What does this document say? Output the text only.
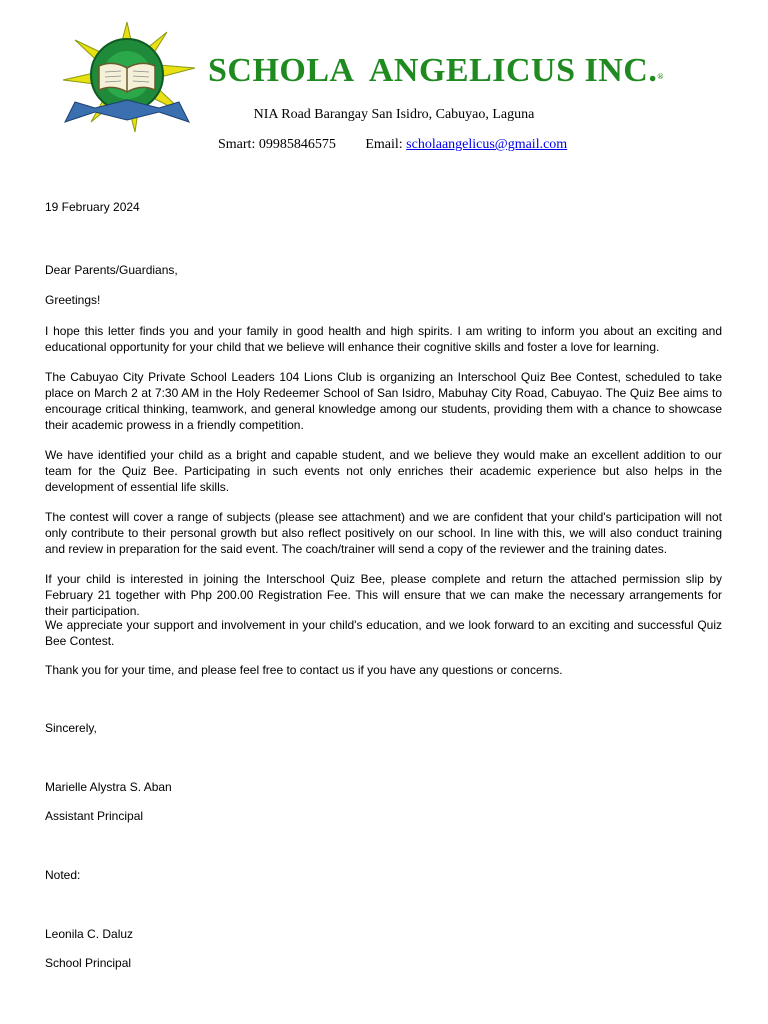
SCHOLA  ANGELICUS INC.®
NIA Road Barangay San Isidro, Cabuyao, Laguna
Smart: 09985846575 Email: scholaangelicus@gmail.com
19 February 2024
Dear Parents/Guardians,
Greetings!
I hope this letter finds you and your family in good health and high spirits. I am writing to inform you about an exciting and educational opportunity for your child that we believe will enhance their cognitive skills and foster a love for learning.
The Cabuyao City Private School Leaders 104 Lions Club is organizing an Interschool Quiz Bee Contest, scheduled to take place on March 2 at 7:30 AM in the Holy Redeemer School of San Isidro, Mabuhay City Road, Cabuyao. The Quiz Bee aims to encourage critical thinking, teamwork, and general knowledge among our students, providing them with a chance to showcase their academic prowess in a friendly competition.
We have identified your child as a bright and capable student, and we believe they would make an excellent addition to our team for the Quiz Bee. Participating in such events not only enriches their academic experience but also helps in the development of essential life skills.
The contest will cover a range of subjects (please see attachment) and we are confident that your child's participation will not only contribute to their personal growth but also reflect positively on our school. In line with this, we will also conduct training and review in preparation for the said event. The coach/trainer will send a copy of the reviewer and the training dates.
If your child is interested in joining the Interschool Quiz Bee, please complete and return the attached permission slip by February 21 together with Php 200.00 Registration Fee. This will ensure that we can make the necessary arrangements for their participation.
We appreciate your support and involvement in your child's education, and we look forward to an exciting and successful Quiz Bee Contest.
Thank you for your time, and please feel free to contact us if you have any questions or concerns.
Sincerely,
Marielle Alystra S. Aban
Assistant Principal
Noted:
Leonila C. Daluz
School Principal
